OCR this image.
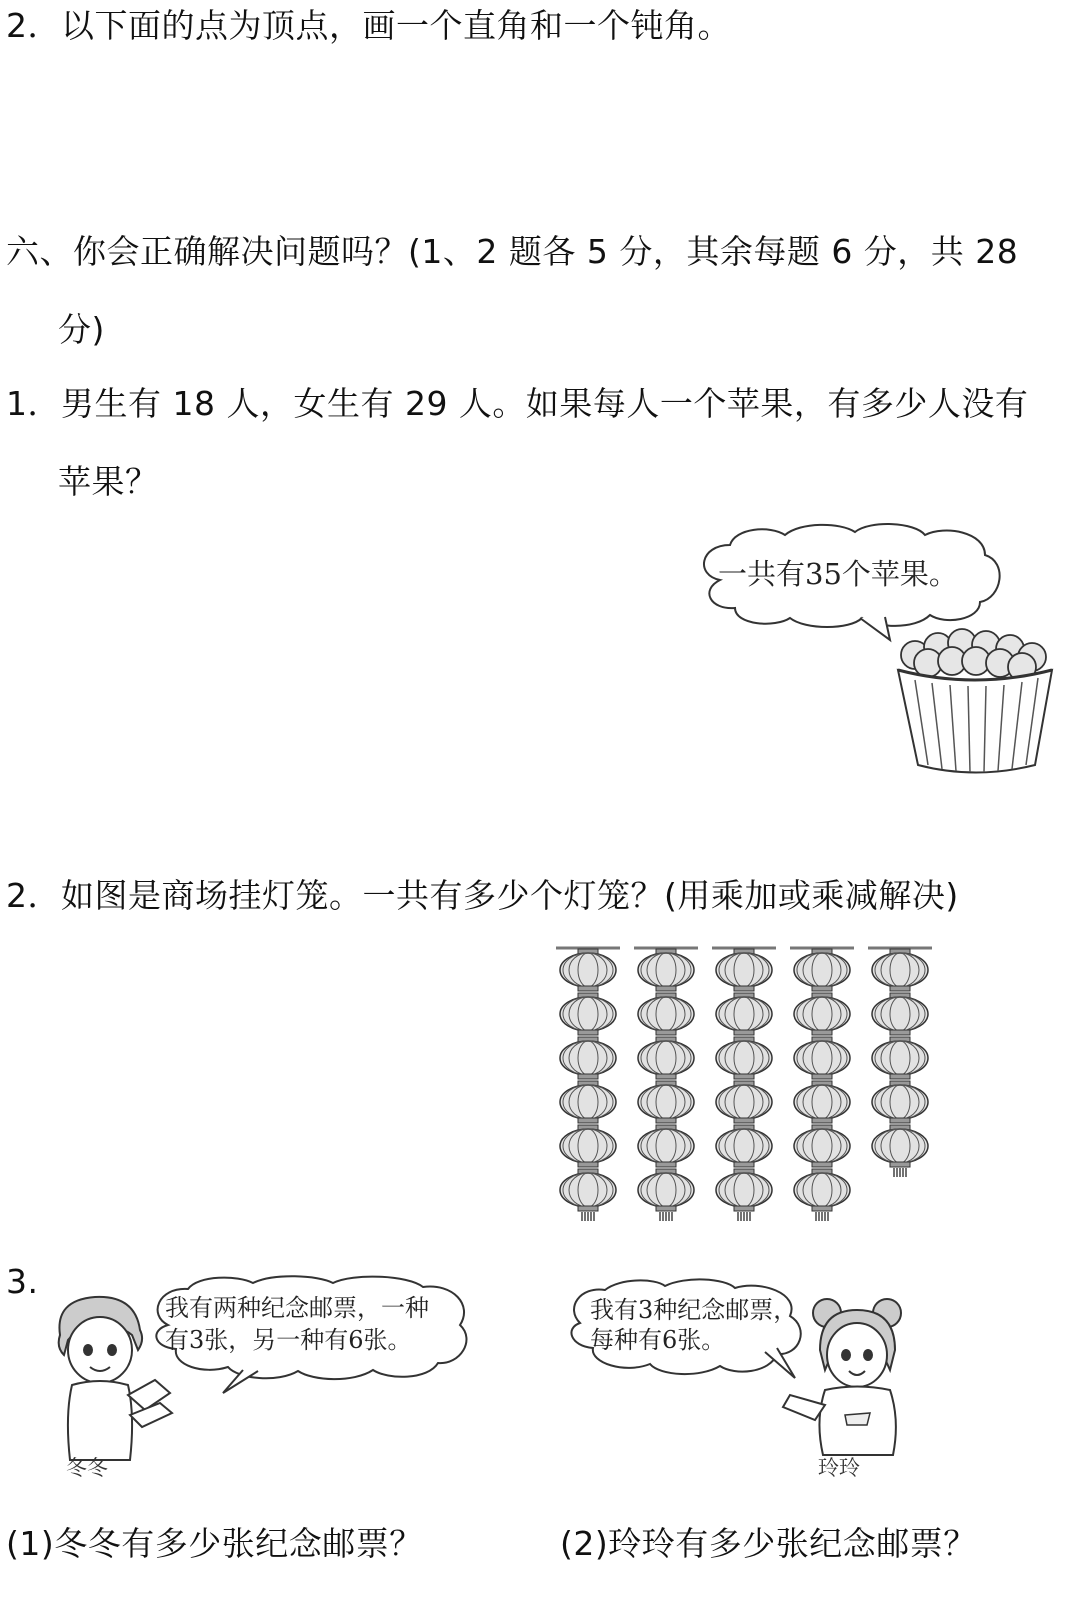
2．以下面的点为顶点，画一个直角和一个钝角。
六、你会正确解决问题吗？(1、2 题各 5 分，其余每题 6 分，共 28
分)
1．男生有 18 人，女生有 29 人。如果每人一个苹果，有多少人没有
苹果？
一共有35个苹果。
2．如图是商场挂灯笼。一共有多少个灯笼？(用乘加或乘减解决)
3.
我有两种纪念邮票，一种
有3张，另一种有6张。
冬冬
我有3种纪念邮票，
每种有6张。
玲玲
(1)冬冬有多少张纪念邮票？	(2)玲玲有多少张纪念邮票？
